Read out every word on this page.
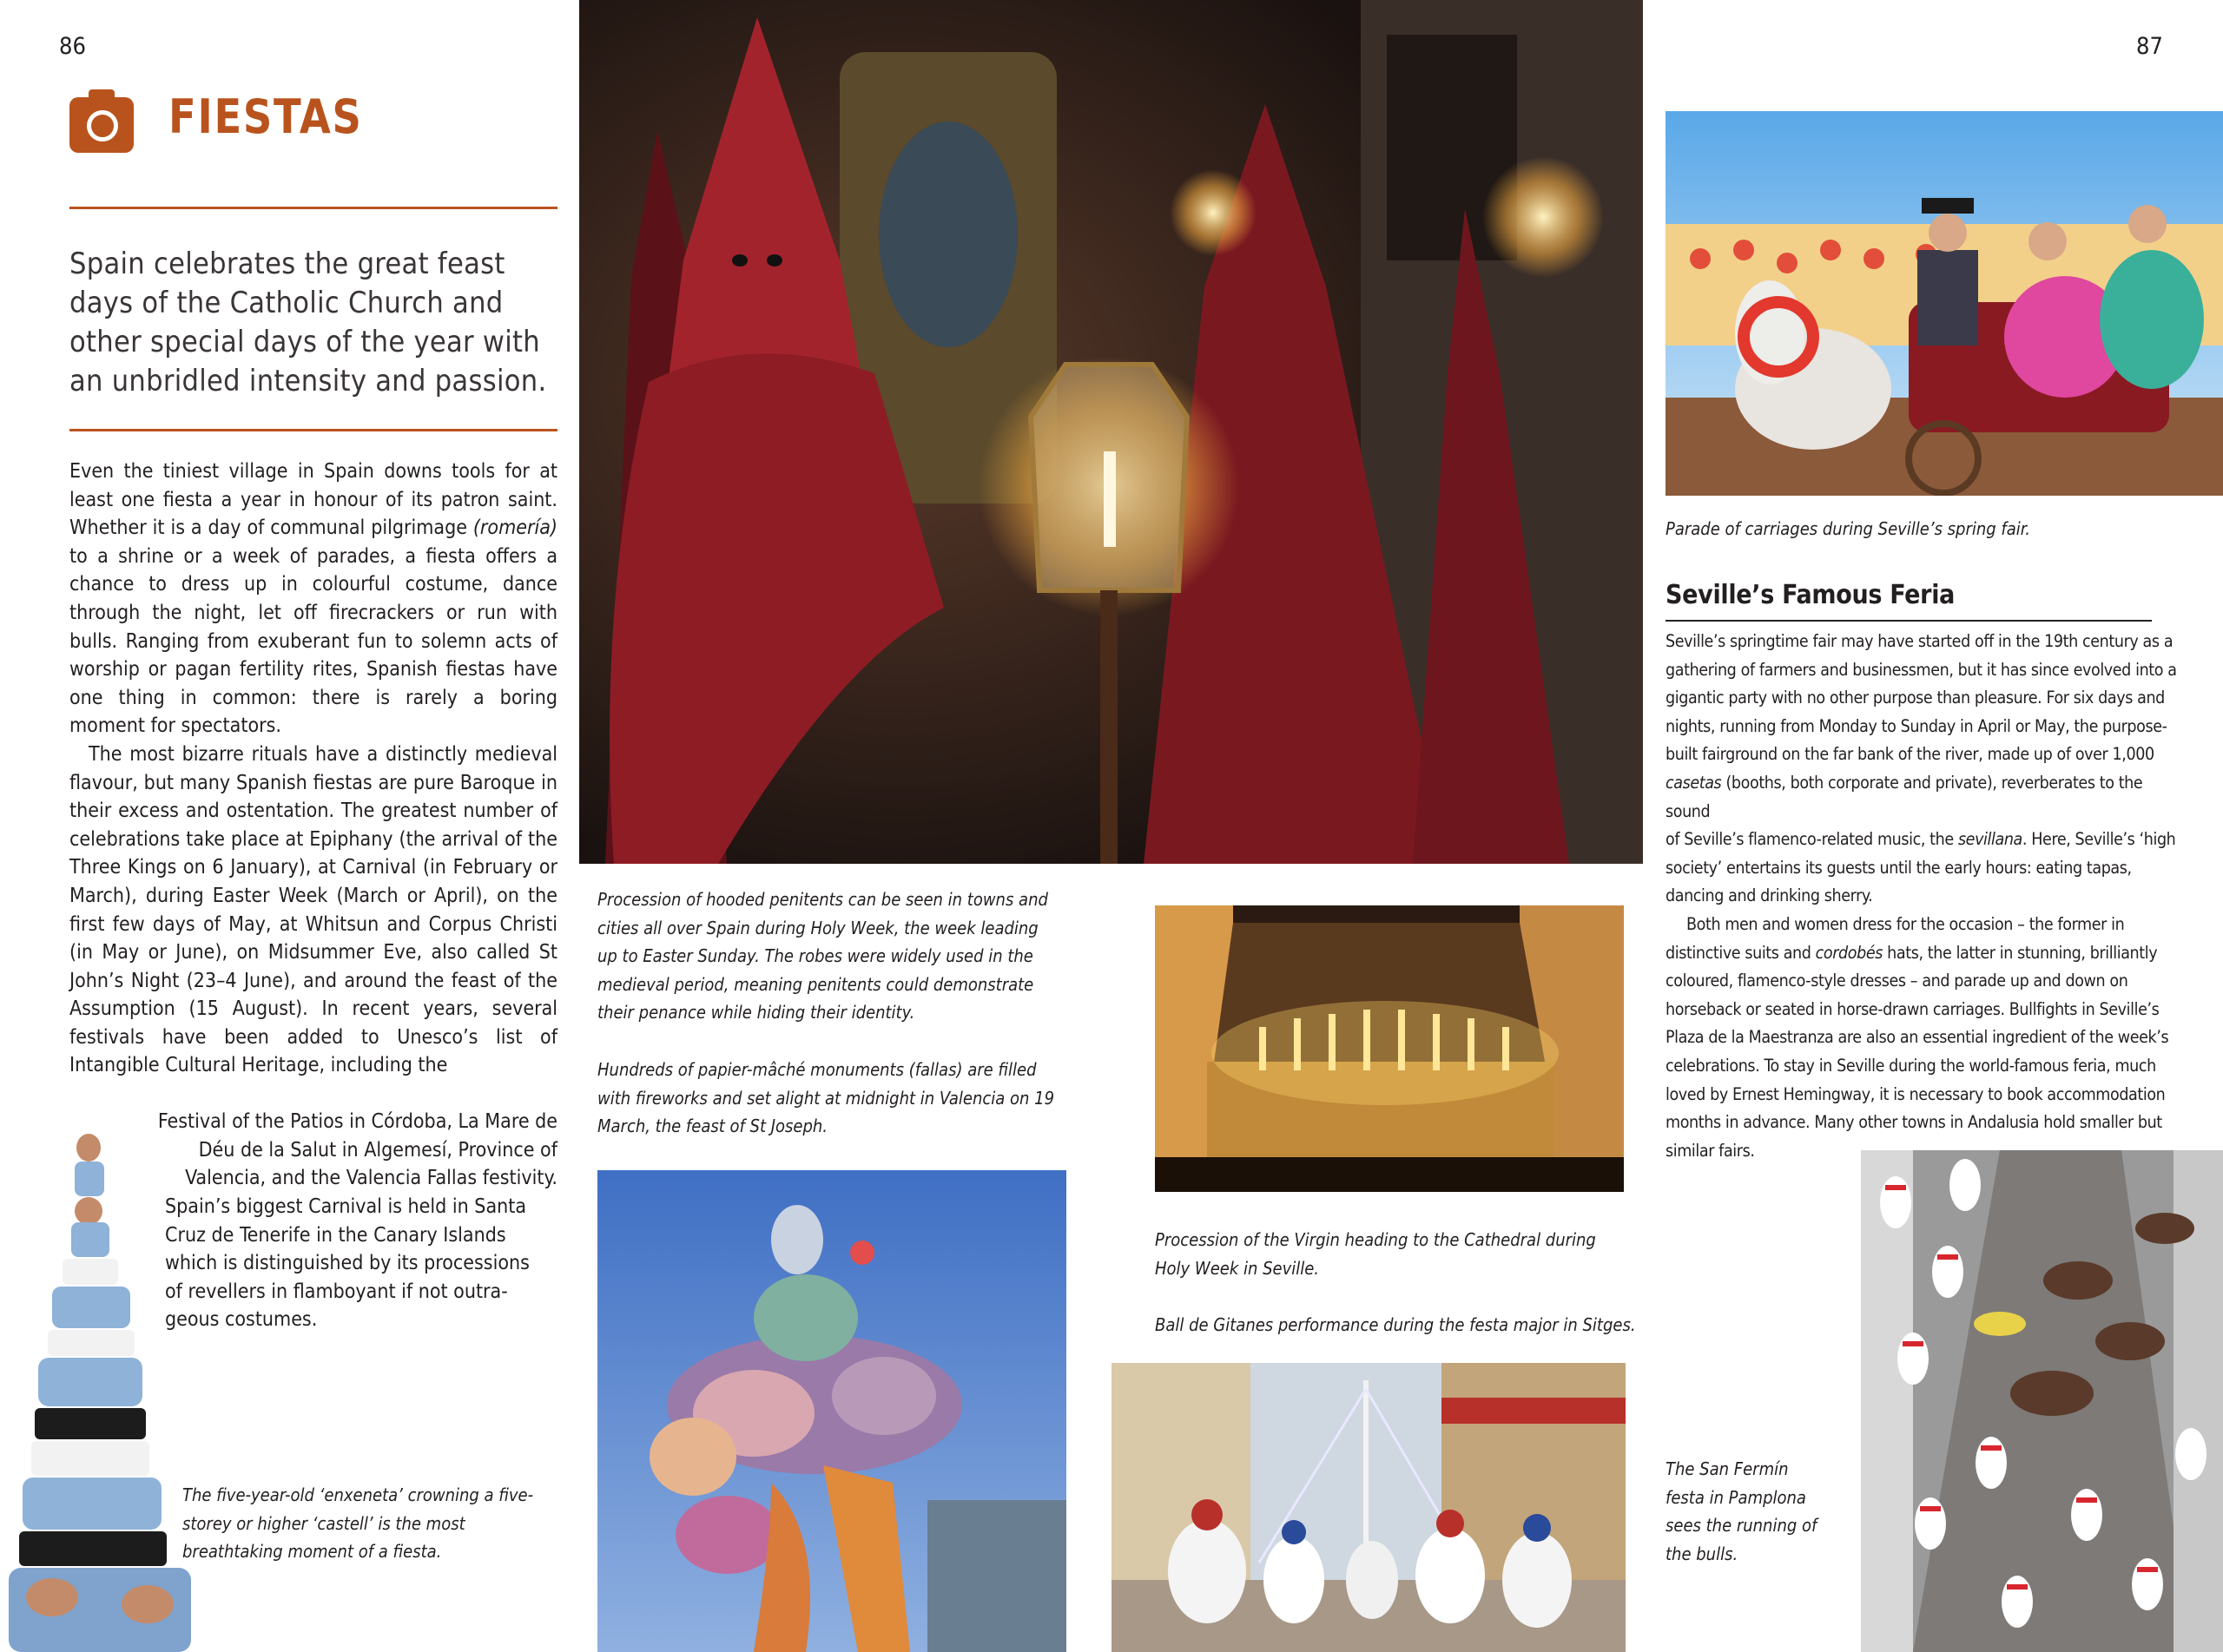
86	87
FIESTAS
Spain celebrates the great feast days of the Catholic Church and other special days of the year with an unbridled intensity and passion.

Even the tiniest village in Spain downs tools for at least one fiesta a year in honour of its patron saint. Whether it is a day of communal pilgrimage (romería) to a shrine or a week of parades, a fiesta offers a chance to dress up in colourful costume, dance through the night, let off firecrackers or run with bulls. Ranging from exuberant fun to solemn acts of worship or pagan fertility rites, Spanish fiestas have one thing in common: there is rarely a boring moment for spectators.

The most bizarre rituals have a distinctly medieval flavour, but many Spanish fiestas are pure Baroque in their excess and ostentation. The greatest number of celebrations take place at Epiphany (the arrival of the Three Kings on 6 January), at Carnival (in February or March), during Easter Week (March or April), on the first few days of May, at Whitsun and Corpus Christi (in May or June), on Midsummer Eve, also called St John’s Night (23–4 June), and around the feast of the Assumption (15 August). In recent years, several festivals have been added to Unesco’s list of Intangible Cultural Heritage, including the

Festival of the Patios in Córdoba, La Mare de
Déu de la Salut in Algemesí, Province of
Valencia, and the Valencia Fallas festivity.
Spain’s biggest Carnival is held in Santa
Cruz de Tenerife in the Canary Islands
which is distinguished by its processions
of revellers in flamboyant if not outra-
geous costumes.
The five-year-old ‘enxeneta’ crowning a five-
storey or higher ‘castell’ is the most
breathtaking moment of a fiesta.
Procession of hooded penitents can be seen in towns and
cities all over Spain during Holy Week, the week leading
up to Easter Sunday. The robes were widely used in the
medieval period, meaning penitents could demonstrate
their penance while hiding their identity.
Hundreds of papier-mâché monuments (fallas) are filled
with fireworks and set alight at midnight in Valencia on 19
March, the feast of St Joseph.
Procession of the Virgin heading to the Cathedral during
Holy Week in Seville.
Ball de Gitanes performance during the festa major in Sitges.
Parade of carriages during Seville’s spring fair.
Seville’s Famous Feria
Seville’s springtime fair may have started off in the 19th century as a
gathering of farmers and businessmen, but it has since evolved into a
gigantic party with no other purpose than pleasure. For six days and
nights, running from Monday to Sunday in April or May, the purpose-
built fairground on the far bank of the river, made up of over 1,000
casetas (booths, both corporate and private), reverberates to the sound
of Seville’s flamenco-related music, the sevillana. Here, Seville’s ‘high
society’ entertains its guests until the early hours: eating tapas,
dancing and drinking sherry.
Both men and women dress for the occasion – the former in
distinctive suits and cordobés hats, the latter in stunning, brilliantly
coloured, flamenco-style dresses – and parade up and down on
horseback or seated in horse-drawn carriages. Bullfights in Seville’s
Plaza de la Maestranza are also an essential ingredient of the week’s
celebrations. To stay in Seville during the world-famous feria, much
loved by Ernest Hemingway, it is necessary to book accommodation
months in advance. Many other towns in Andalusia hold smaller but
similar fairs.
The San Fermín
festa in Pamplona
sees the running of
the bulls.
